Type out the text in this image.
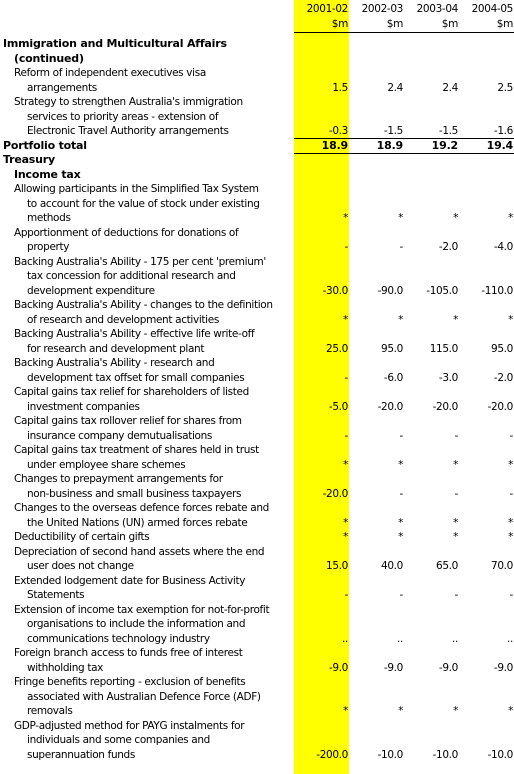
2001-02	2002-03	2003-04	2004-05
$m	$m	$m	$m
Immigration and Multicultural Affairs
(continued)
Reform of independent executives visa
arrangements	1.5	2.4	2.4	2.5
Strategy to strengthen Australia's immigration
services to priority areas - extension of
Electronic Travel Authority arrangements	-0.3	-1.5	-1.5	-1.6
Portfolio total	18.9	18.9	19.2	19.4
Treasury
Income tax
Allowing participants in the Simplified Tax System
to account for the value of stock under existing
methods	*	*	*	*
Apportionment of deductions for donations of
property	-	-	-2.0	-4.0
Backing Australia's Ability - 175 per cent 'premium'
tax concession for additional research and
development expenditure	-30.0	-90.0	-105.0	-110.0
Backing Australia's Ability - changes to the definition
of research and development activities	*	*	*	*
Backing Australia's Ability - effective life write-off
for research and development plant	25.0	95.0	115.0	95.0
Backing Australia's Ability - research and
development tax offset for small companies	-	-6.0	-3.0	-2.0
Capital gains tax relief for shareholders of listed
investment companies	-5.0	-20.0	-20.0	-20.0
Capital gains tax rollover relief for shares from
insurance company demutualisations	-	-	-	-
Capital gains tax treatment of shares held in trust
under employee share schemes	*	*	*	*
Changes to prepayment arrangements for
non-business and small business taxpayers	-20.0	-	-	-
Changes to the overseas defence forces rebate and
the United Nations (UN) armed forces rebate	*	*	*	*
Deductibility of certain gifts	*	*	*	*
Depreciation of second hand assets where the end
user does not change	15.0	40.0	65.0	70.0
Extended lodgement date for Business Activity
Statements	-	-	-	-
Extension of income tax exemption for not-for-profit
organisations to include the information and
communications technology industry	..	..	..	..
Foreign branch access to funds free of interest
withholding tax	-9.0	-9.0	-9.0	-9.0
Fringe benefits reporting - exclusion of benefits
associated with Australian Defence Force (ADF)
removals	*	*	*	*
GDP-adjusted method for PAYG instalments for
individuals and some companies and
superannuation funds	-200.0	-10.0	-10.0	-10.0
